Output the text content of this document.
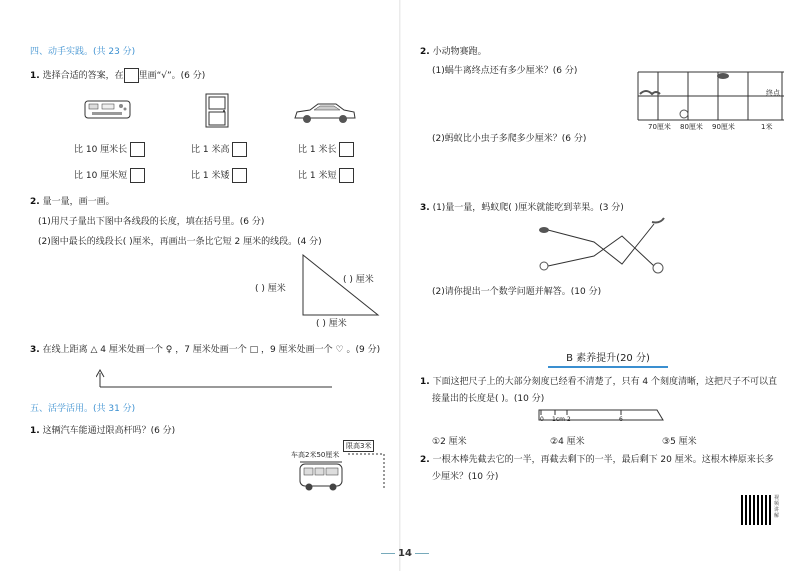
四、动手实践。(共 23 分)
1. 选择合适的答案，在 里画“√”。(6 分)
比 10 厘米长	比 1 米高	比 1 米长
比 10 厘米短	比 1 米矮	比 1 米短
2. 量一量，画一画。
(1)用尺子量出下图中各线段的长度，填在括号里。(6 分)
(2)图中最长的线段长( )厘米，再画出一条比它短 2 厘米的线段。(4 分)
( ) 厘米
( ) 厘米
( ) 厘米
3. 在线上距离 △ 4 厘米处画一个 ♀ ，7 厘米处画一个 □ ，9 厘米处画一个 ♡ 。(9 分)
五、活学活用。(共 31 分)
1. 这辆汽车能通过限高杆吗？(6 分)
车高2米50厘米
限高3米
2. 小动物赛跑。
(1)蜗牛离终点还有多少厘米？(6 分)
(2)蚂蚁比小虫子多爬多少厘米？(6 分)
终点
70厘米 80厘米 90厘米	1米
3. (1)量一量，蚂蚁爬( )厘米就能吃到苹果。(3 分)
(2)请你提出一个数学问题并解答。(10 分)
B 素养提升(20 分)
1. 下面这把尺子上的大部分刻度已经看不清楚了，只有 4 个刻度清晰，这把尺子不可以直
接量出的长度是( )。(10 分)
0 1cm 2	6
①2 厘米	②4 厘米	③5 厘米
2. 一根木棒先截去它的一半，再截去剩下的一半，最后剩下 20 厘米。这根木棒原来长多
少厘米？(10 分)
视频讲解
14
